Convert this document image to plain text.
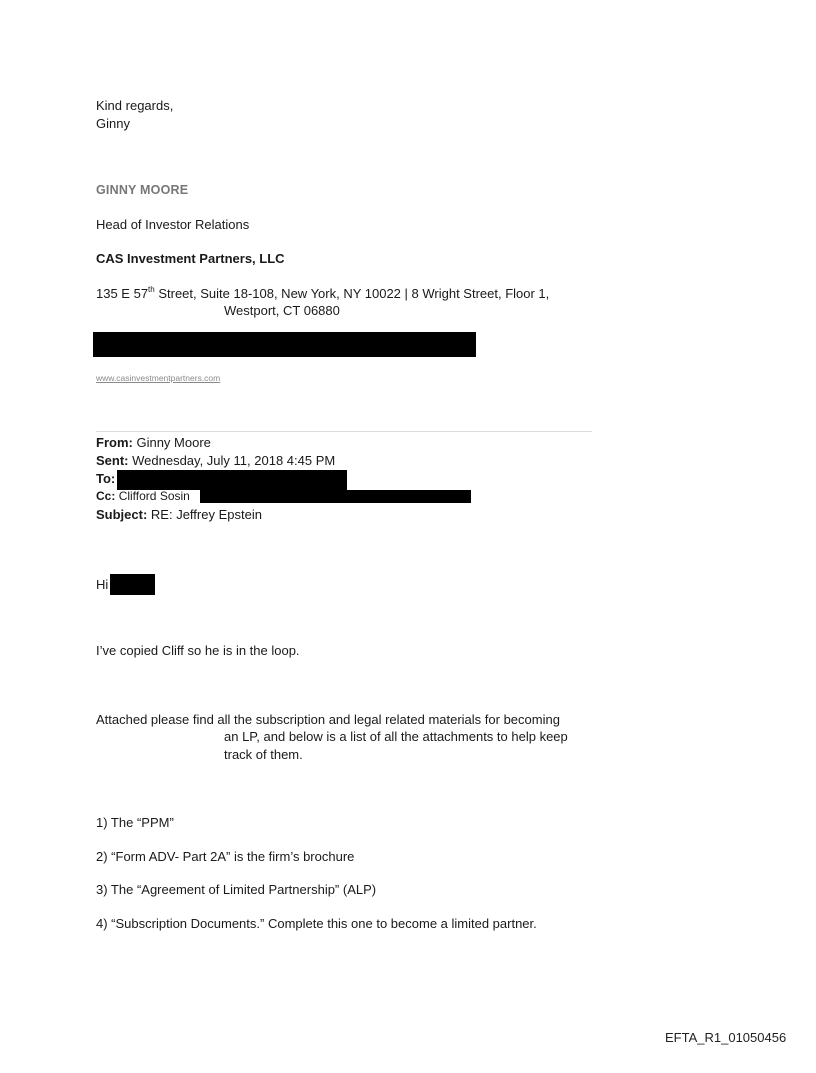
Kind regards,
Ginny
GINNY MOORE
Head of Investor Relations
CAS Investment Partners, LLC
135 E 57th Street, Suite 18-108, New York, NY 10022 | 8 Wright Street, Floor 1,
Westport, CT 06880
www.casinvestmentpartners.com
From: Ginny Moore
Sent: Wednesday, July 11, 2018 4:45 PM
To:
Cc: Clifford Sosin
Subject: RE: Jeffrey Epstein
Hi
I’ve copied Cliff so he is in the loop.
Attached please find all the subscription and legal related materials for becoming
an LP, and below is a list of all the attachments to help keep
track of them.
1) The “PPM”
2) “Form ADV- Part 2A” is the firm’s brochure
3) The “Agreement of Limited Partnership” (ALP)
4) “Subscription Documents.” Complete this one to become a limited partner.
EFTA_R1_01050456
